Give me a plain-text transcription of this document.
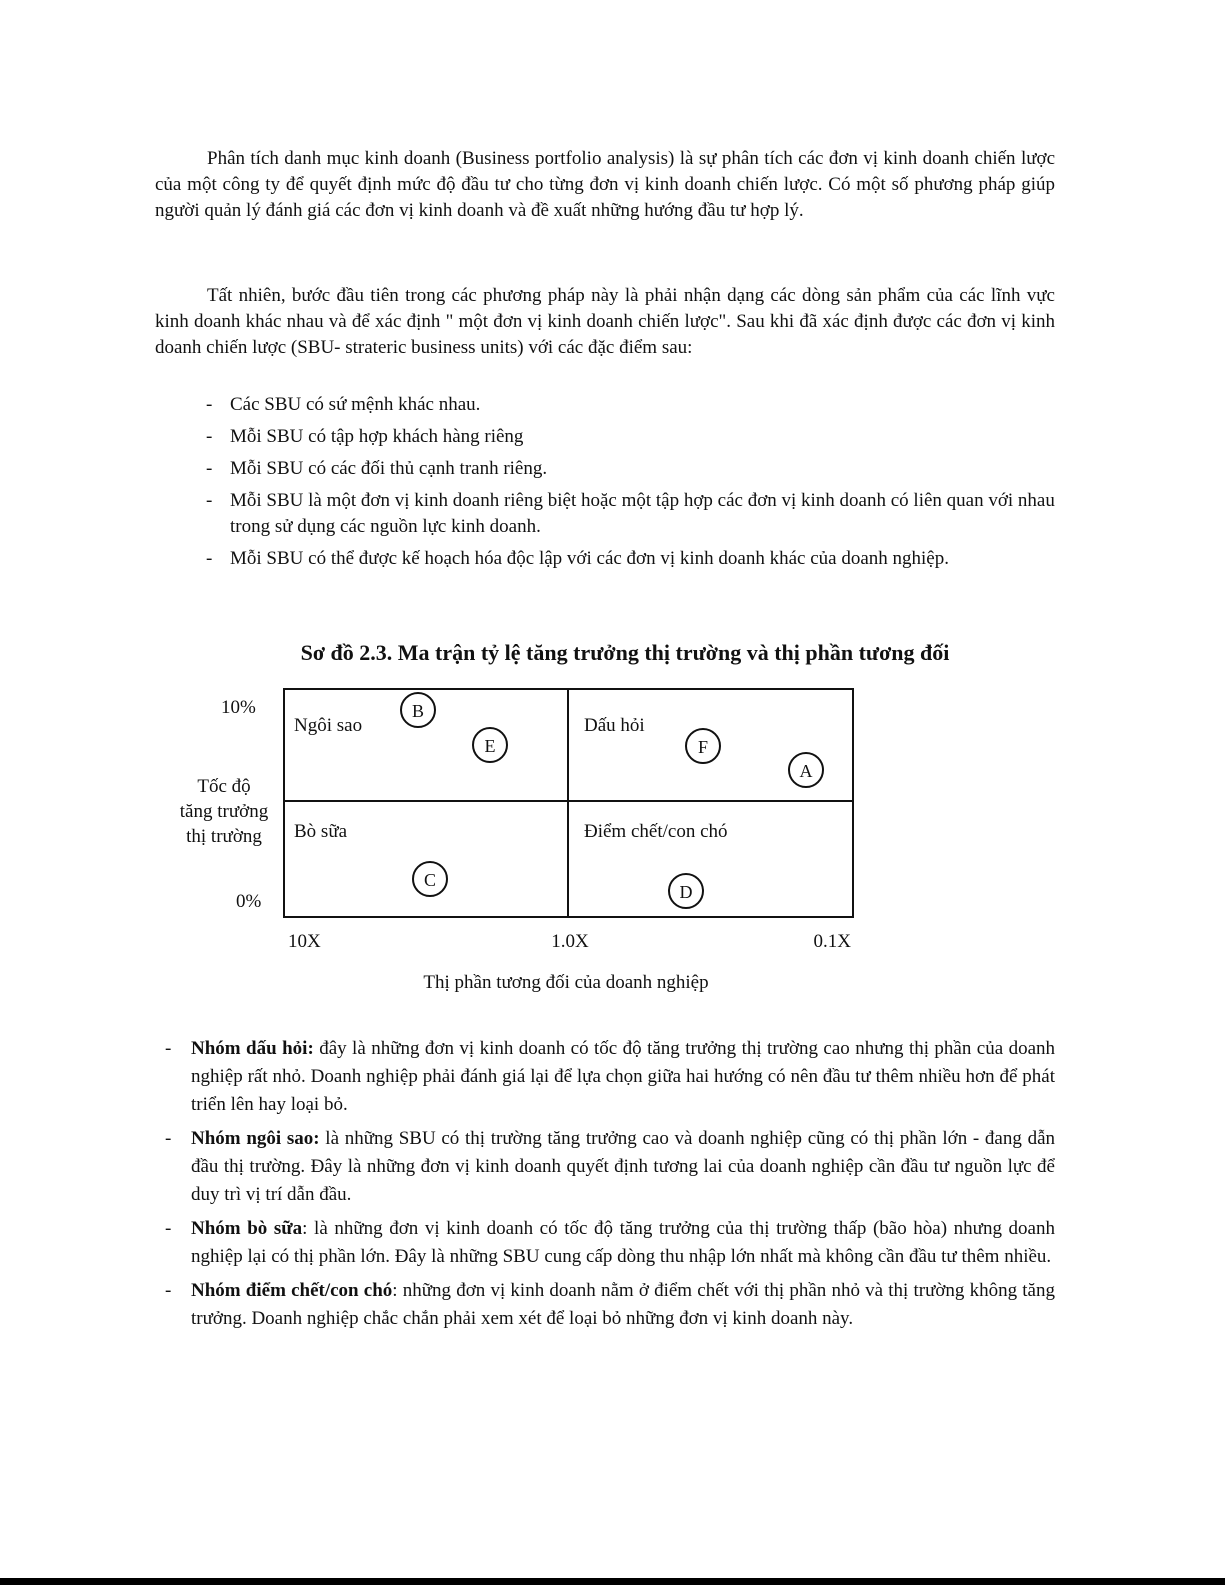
Phân tích danh mục kinh doanh (Business portfolio analysis) là sự phân tích các đơn vị kinh doanh chiến lược của một công ty để quyết định mức độ đầu tư cho từng đơn vị kinh doanh chiến lược. Có một số phương pháp giúp người quản lý đánh giá các đơn vị kinh doanh và đề xuất những hướng đầu tư hợp lý.

Tất nhiên, bước đầu tiên trong các phương pháp này là phải nhận dạng các dòng sản phẩm của các lĩnh vực kinh doanh khác nhau và để xác định " một đơn vị kinh doanh chiến lược". Sau khi đã xác định được các đơn vị kinh doanh chiến lược (SBU- strateric business units) với các đặc điểm sau:

- Các SBU có sứ mệnh khác nhau.
- Mỗi SBU có tập hợp khách hàng riêng
- Mỗi SBU có các đối thủ cạnh tranh riêng.
- Mỗi SBU là một đơn vị kinh doanh riêng biệt hoặc một tập hợp các đơn vị kinh doanh có liên quan với nhau trong sử dụng các nguồn lực kinh doanh.
- Mỗi SBU có thể được kế hoạch hóa độc lập với các đơn vị kinh doanh khác của doanh nghiệp.
Sơ đồ 2.3. Ma trận tỷ lệ tăng trưởng thị trường và thị phần tương đối
10%
0%
Tốc độ
tăng trưởng
thị trường
Ngôi sao	Dấu hỏi
Bò sữa	Điểm chết/con chó
B
E	F
A
C
D
10X	1.0X	0.1X
Thị phần tương đối của doanh nghiệp
- Nhóm dấu hỏi: đây là những đơn vị kinh doanh có tốc độ tăng trưởng thị trường cao nhưng thị phần của doanh nghiệp rất nhỏ. Doanh nghiệp phải đánh giá lại để lựa chọn giữa hai hướng có nên đầu tư thêm nhiều hơn để phát triển lên hay loại bỏ.
- Nhóm ngôi sao: là những SBU có thị trường tăng trưởng cao và doanh nghiệp cũng có thị phần lớn - đang dẫn đầu thị trường. Đây là những đơn vị kinh doanh quyết định tương lai của doanh nghiệp cần đầu tư nguồn lực để duy trì vị trí dẫn đầu.
- Nhóm bò sữa: là những đơn vị kinh doanh có tốc độ tăng trưởng của thị trường thấp (bão hòa) nhưng doanh nghiệp lại có thị phần lớn. Đây là những SBU cung cấp dòng thu nhập lớn nhất mà không cần đầu tư thêm nhiều.
- Nhóm điểm chết/con chó: những đơn vị kinh doanh nằm ở điểm chết với thị phần nhỏ và thị trường không tăng trưởng. Doanh nghiệp chắc chắn phải xem xét để loại bỏ những đơn vị kinh doanh này.
